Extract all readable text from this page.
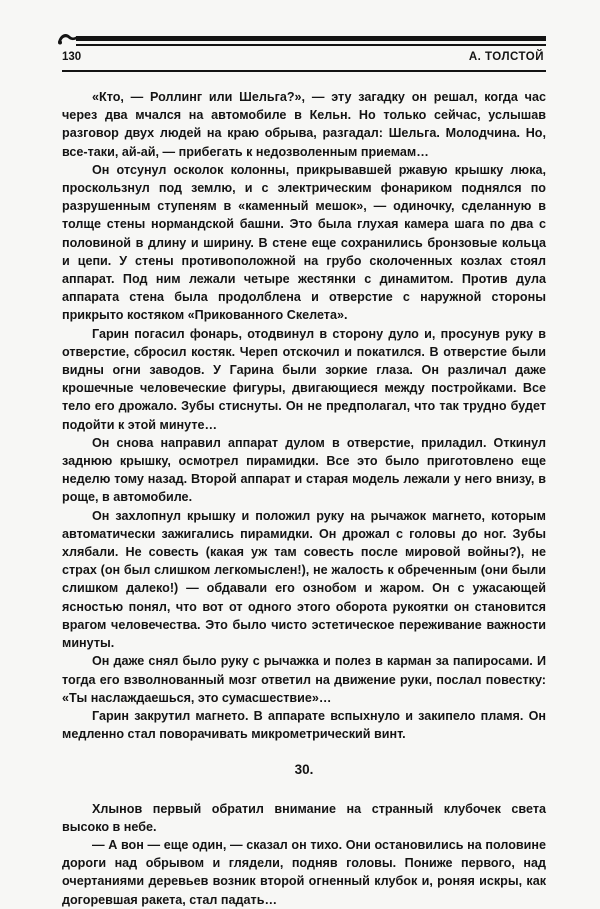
130	А. ТОЛСТОЙ

«Кто, — Роллинг или Шельга?», — эту загадку он решал, когда час через два мчался на автомобиле в Кельн. Но только сейчас, услышав разговор двух людей на краю обрыва, разгадал: Шельга. Молодчина. Но, все-таки, ай-ай, — прибегать к недозволенным приемам…

Он отсунул осколок колонны, прикрывавшей ржавую крышку люка, проскользнул под землю, и с электрическим фонариком поднялся по разрушенным ступеням в «каменный мешок», — одиночку, сделанную в толще стены нормандской башни. Это была глухая камера шага по два с половиной в длину и ширину. В стене еще сохранились бронзовые кольца и цепи. У стены противоположной на грубо сколоченных козлах стоял аппарат. Под ним лежали четыре жестянки с динамитом. Против дула аппарата стена была продолблена и отверстие с наружной стороны прикрыто костяком «Прикованного Скелета».

Гарин погасил фонарь, отодвинул в сторону дуло и, просунув руку в отверстие, сбросил костяк. Череп отскочил и покатился. В отверстие были видны огни заводов. У Гарина были зоркие глаза. Он различал даже крошечные человеческие фигуры, двигающиеся между постройками. Все тело его дрожало. Зубы стиснуты. Он не предполагал, что так трудно будет подойти к этой минуте…

Он снова направил аппарат дулом в отверстие, приладил. Откинул заднюю крышку, осмотрел пирамидки. Все это было приготовлено еще неделю тому назад. Второй аппарат и старая модель лежали у него внизу, в роще, в автомобиле.

Он захлопнул крышку и положил руку на рычажок магнето, которым автоматически зажигались пирамидки. Он дрожал с головы до ног. Зубы хлябали. Не совесть (какая уж там совесть после мировой войны?), не страх (он был слишком легкомыслен!), не жалость к обреченным (они были слишком далеко!) — обдавали его ознобом и жаром. Он с ужасающей ясностью понял, что вот от одного этого оборота рукоятки он становится врагом человечества. Это было чисто эстетическое переживание важности минуты.

Он даже снял было руку с рычажка и полез в карман за папиросами. И тогда его взволнованный мозг ответил на движение руки, послал повестку: «Ты наслаждаешься, это сумасшествие»…

Гарин закрутил магнето. В аппарате вспыхнуло и закипело пламя. Он медленно стал поворачивать микрометрический винт.

30.

Хлынов первый обратил внимание на странный клубочек света высоко в небе.

— А вон — еще один, — сказал он тихо. Они остановились на половине дороги над обрывом и глядели, подняв головы. Пониже первого, над очертаниями деревьев возник второй огненный клубок и, роняя искры, как догоревшая ракета, стал падать…
